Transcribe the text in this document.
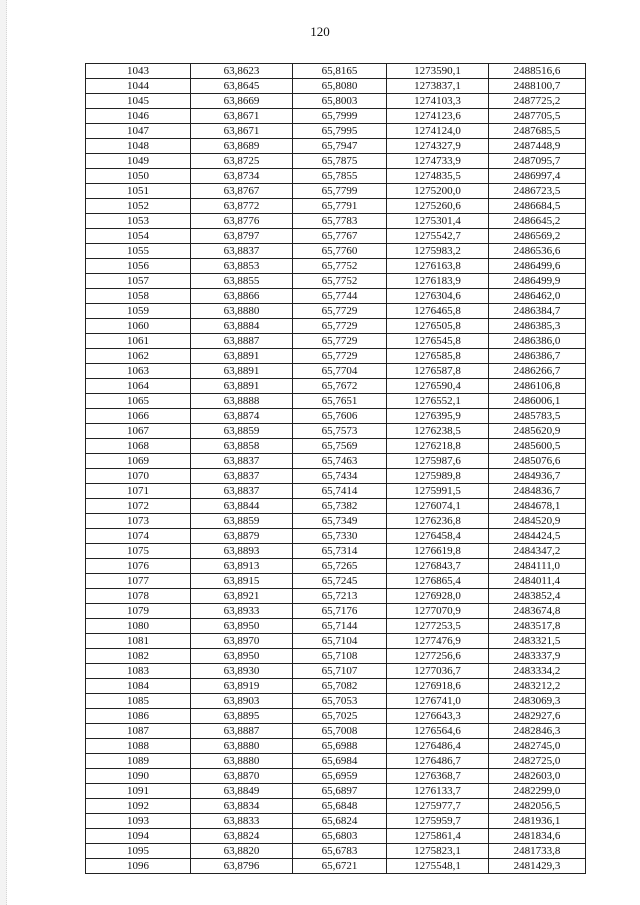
120
1043	63,8623	65,8165	1273590,1	2488516,6
1044	63,8645	65,8080	1273837,1	2488100,7
1045	63,8669	65,8003	1274103,3	2487725,2
1046	63,8671	65,7999	1274123,6	2487705,5
1047	63,8671	65,7995	1274124,0	2487685,5
1048	63,8689	65,7947	1274327,9	2487448,9
1049	63,8725	65,7875	1274733,9	2487095,7
1050	63,8734	65,7855	1274835,5	2486997,4
1051	63,8767	65,7799	1275200,0	2486723,5
1052	63,8772	65,7791	1275260,6	2486684,5
1053	63,8776	65,7783	1275301,4	2486645,2
1054	63,8797	65,7767	1275542,7	2486569,2
1055	63,8837	65,7760	1275983,2	2486536,6
1056	63,8853	65,7752	1276163,8	2486499,6
1057	63,8855	65,7752	1276183,9	2486499,9
1058	63,8866	65,7744	1276304,6	2486462,0
1059	63,8880	65,7729	1276465,8	2486384,7
1060	63,8884	65,7729	1276505,8	2486385,3
1061	63,8887	65,7729	1276545,8	2486386,0
1062	63,8891	65,7729	1276585,8	2486386,7
1063	63,8891	65,7704	1276587,8	2486266,7
1064	63,8891	65,7672	1276590,4	2486106,8
1065	63,8888	65,7651	1276552,1	2486006,1
1066	63,8874	65,7606	1276395,9	2485783,5
1067	63,8859	65,7573	1276238,5	2485620,9
1068	63,8858	65,7569	1276218,8	2485600,5
1069	63,8837	65,7463	1275987,6	2485076,6
1070	63,8837	65,7434	1275989,8	2484936,7
1071	63,8837	65,7414	1275991,5	2484836,7
1072	63,8844	65,7382	1276074,1	2484678,1
1073	63,8859	65,7349	1276236,8	2484520,9
1074	63,8879	65,7330	1276458,4	2484424,5
1075	63,8893	65,7314	1276619,8	2484347,2
1076	63,8913	65,7265	1276843,7	2484111,0
1077	63,8915	65,7245	1276865,4	2484011,4
1078	63,8921	65,7213	1276928,0	2483852,4
1079	63,8933	65,7176	1277070,9	2483674,8
1080	63,8950	65,7144	1277253,5	2483517,8
1081	63,8970	65,7104	1277476,9	2483321,5
1082	63,8950	65,7108	1277256,6	2483337,9
1083	63,8930	65,7107	1277036,7	2483334,2
1084	63,8919	65,7082	1276918,6	2483212,2
1085	63,8903	65,7053	1276741,0	2483069,3
1086	63,8895	65,7025	1276643,3	2482927,6
1087	63,8887	65,7008	1276564,6	2482846,3
1088	63,8880	65,6988	1276486,4	2482745,0
1089	63,8880	65,6984	1276486,7	2482725,0
1090	63,8870	65,6959	1276368,7	2482603,0
1091	63,8849	65,6897	1276133,7	2482299,0
1092	63,8834	65,6848	1275977,7	2482056,5
1093	63,8833	65,6824	1275959,7	2481936,1
1094	63,8824	65,6803	1275861,4	2481834,6
1095	63,8820	65,6783	1275823,1	2481733,8
1096	63,8796	65,6721	1275548,1	2481429,3
